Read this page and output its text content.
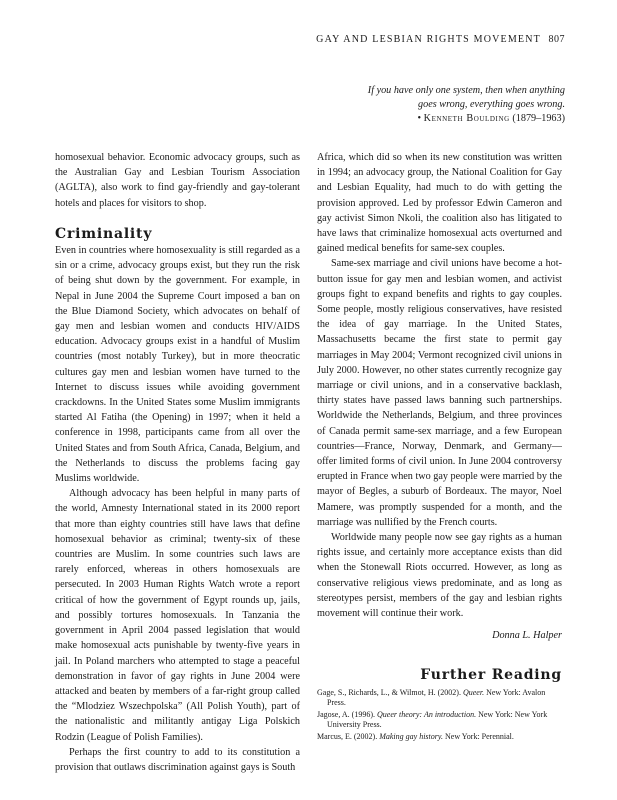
GAY AND LESBIAN RIGHTS MOVEMENT 807
If you have only one system, then when anything
goes wrong, everything goes wrong.
• Kenneth Boulding (1879–1963)

homosexual behavior. Economic advocacy groups, such as the Australian Gay and Lesbian Tourism Association (AGLTA), also work to find gay-friendly and gay-tolerant hotels and places for visitors to shop.

Criminality

Even in countries where homosexuality is still regarded as a sin or a crime, advocacy groups exist, but they run the risk of being shut down by the government. For example, in Nepal in June 2004 the Supreme Court imposed a ban on the Blue Diamond Society, which advocates on behalf of gay men and lesbian women and conducts HIV/AIDS education. Advocacy groups exist in a handful of Muslim countries (most notably Turkey), but in more theocratic cultures gay men and lesbian women have turned to the Internet to discuss issues while avoiding government crackdowns. In the United States some Muslim immigrants started Al Fatiha (the Opening) in 1997; when it held a conference in 1998, participants came from all over the United States and from South Africa, Canada, Belgium, and the Netherlands to discuss the problems facing gay Muslims worldwide.

Although advocacy has been helpful in many parts of the world, Amnesty International stated in its 2000 report that more than eighty countries still have laws that define homosexual behavior as criminal; twenty-six of these countries are Muslim. In some countries such laws are rarely enforced, whereas in others homosexuals are persecuted. In 2003 Human Rights Watch wrote a report critical of how the government of Egypt rounds up, jails, and possibly tortures homosexuals. In Tanzania the government in April 2004 passed legislation that would make homosexual acts punishable by twenty-five years in jail. In Poland marchers who attempted to stage a peaceful demonstration in favor of gay rights in June 2004 were attacked and beaten by members of a far-right group called the “Mlodziez Wszechpolska” (All Polish Youth), part of the nationalistic and militantly antigay Liga Polskich Rodzin (League of Polish Families).

Perhaps the first country to add to its constitution a provision that outlaws discrimination against gays is South

Africa, which did so when its new constitution was written in 1994; an advocacy group, the National Coalition for Gay and Lesbian Equality, had much to do with getting the provision approved. Led by professor Edwin Cameron and gay activist Simon Nkoli, the coalition also has litigated to have laws that criminalize homosexual acts overturned and gained medical benefits for same-sex couples.

Same-sex marriage and civil unions have become a hot-button issue for gay men and lesbian women, and activist groups fight to expand benefits and rights to gay couples. Some people, mostly religious conservatives, have resisted the idea of gay marriage. In the United States, Massachusetts became the first state to permit gay marriages in May 2004; Vermont recognized civil unions in July 2000. However, no other states currently recognize gay marriage or civil unions, and in a conservative backlash, thirty states have passed laws banning such partnerships. Worldwide the Netherlands, Belgium, and three provinces of Canada permit same-sex marriage, and a few European countries—France, Norway, Denmark, and Germany—offer limited forms of civil union. In June 2004 controversy erupted in France when two gay people were married by the mayor of Begles, a suburb of Bordeaux. The mayor, Noel Mamere, was promptly suspended for a month, and the marriage was nullified by the French courts.

Worldwide many people now see gay rights as a human rights issue, and certainly more acceptance exists than did when the Stonewall Riots occurred. However, as long as conservative religious views predominate, and as long as stereotypes persist, members of the gay and lesbian rights movement will continue their work.

Donna L. Halper
Further Reading
Gage, S., Richards, L., & Wilmot, H. (2002). Queer. New York: Avalon Press.
Jagose, A. (1996). Queer theory: An introduction. New York: New York University Press.
Marcus, E. (2002). Making gay history. New York: Perennial.
